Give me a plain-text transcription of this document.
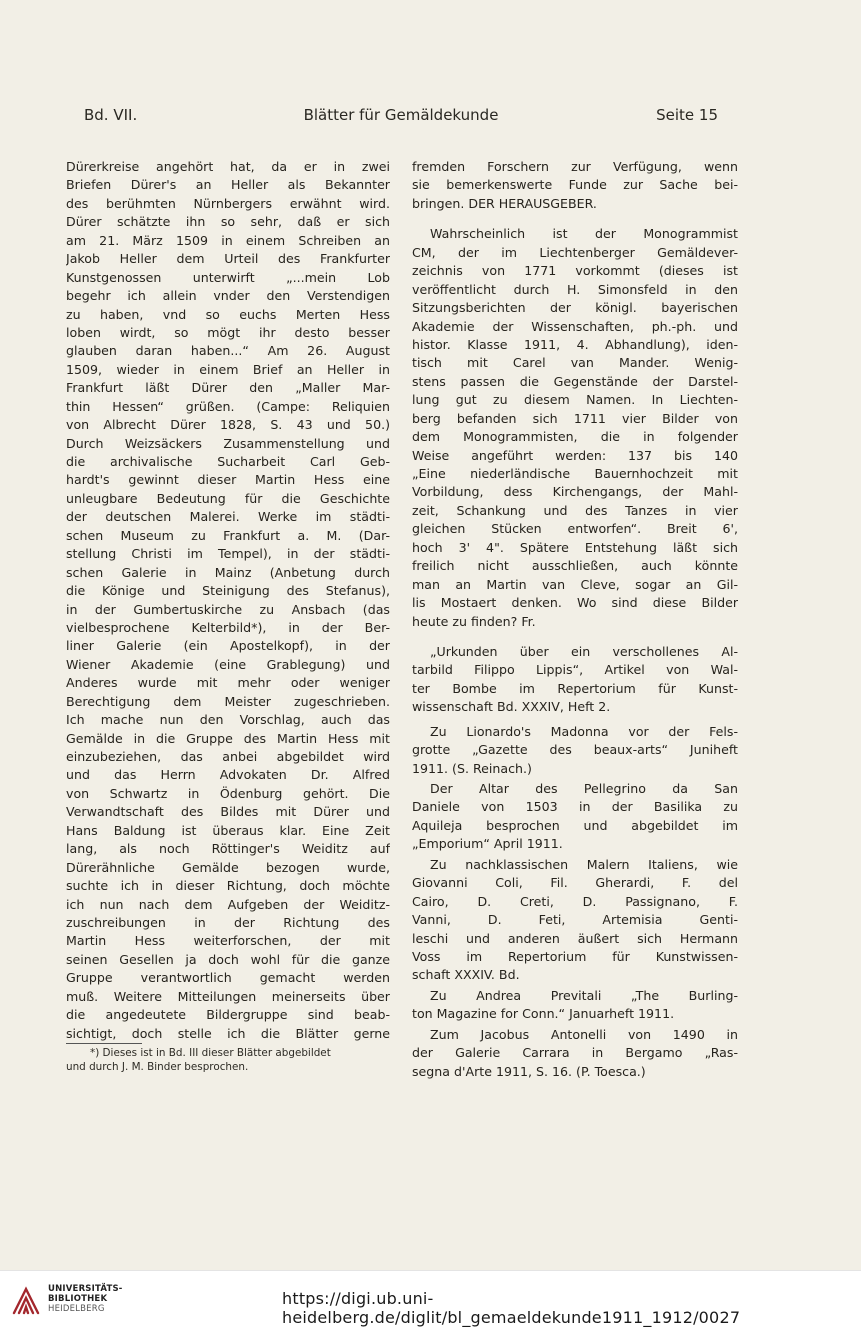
Bd. VII.	Blätter für Gemäldekunde	Seite 15
Dürerkreise angehört hat, da er in zwei
Briefen Dürer's an Heller als Bekannter
des berühmten Nürnbergers erwähnt wird.
Dürer schätzte ihn so sehr, daß er sich
am 21. März 1509 in einem Schreiben an
Jakob Heller dem Urteil des Frankfurter
Kunstgenossen unterwirft „...mein Lob
begehr ich allein vnder den Verstendigen
zu haben, vnd so euchs Merten Hess
loben wirdt, so mögt ihr desto besser
glauben daran haben...“ Am 26. August
1509, wieder in einem Brief an Heller in
Frankfurt läßt Dürer den „Maller Mar-
thin Hessen“ grüßen. (Campe: Reliquien
von Albrecht Dürer 1828, S. 43 und 50.)
Durch Weizsäckers Zusammenstellung und
die archivalische Sucharbeit Carl Geb-
hardt's gewinnt dieser Martin Hess eine
unleugbare Bedeutung für die Geschichte
der deutschen Malerei. Werke im städti-
schen Museum zu Frankfurt a. M. (Dar-
stellung Christi im Tempel), in der städti-
schen Galerie in Mainz (Anbetung durch
die Könige und Steinigung des Stefanus),
in der Gumbertuskirche zu Ansbach (das
vielbesprochene Kelterbild*), in der Ber-
liner Galerie (ein Apostelkopf), in der
Wiener Akademie (eine Grablegung) und
Anderes wurde mit mehr oder weniger
Berechtigung dem Meister zugeschrieben.
Ich mache nun den Vorschlag, auch das
Gemälde in die Gruppe des Martin Hess mit
einzubeziehen, das anbei abgebildet wird
und das Herrn Advokaten Dr. Alfred
von Schwartz in Ödenburg gehört. Die
Verwandtschaft des Bildes mit Dürer und
Hans Baldung ist überaus klar. Eine Zeit
lang, als noch Röttinger's Weiditz auf
Dürerähnliche Gemälde bezogen wurde,
suchte ich in dieser Richtung, doch möchte
ich nun nach dem Aufgeben der Weiditz-
zuschreibungen in der Richtung des
Martin Hess weiterforschen, der mit
seinen Gesellen ja doch wohl für die ganze
Gruppe verantwortlich gemacht werden
muß. Weitere Mitteilungen meinerseits über
die angedeutete Bildergruppe sind beab-
sichtigt, doch stelle ich die Blätter gerne
*) Dieses ist in Bd. III dieser Blätter abgebildet
und durch J. M. Binder besprochen.
fremden Forschern zur Verfügung, wenn
sie bemerkenswerte Funde zur Sache bei-
bringen. DER HERAUSGEBER.
Wahrscheinlich ist der Monogrammist
CM, der im Liechtenberger Gemäldever-
zeichnis von 1771 vorkommt (dieses ist
veröffentlicht durch H. Simonsfeld in den
Sitzungsberichten der königl. bayerischen
Akademie der Wissenschaften, ph.-ph. und
histor. Klasse 1911, 4. Abhandlung), iden-
tisch mit Carel van Mander. Wenig-
stens passen die Gegenstände der Darstel-
lung gut zu diesem Namen. In Liechten-
berg befanden sich 1711 vier Bilder von
dem Monogrammisten, die in folgender
Weise angeführt werden: 137 bis 140
„Eine niederländische Bauernhochzeit mit
Vorbildung, dess Kirchengangs, der Mahl-
zeit, Schankung und des Tanzes in vier
gleichen Stücken entworfen“. Breit 6',
hoch 3' 4". Spätere Entstehung läßt sich
freilich nicht ausschließen, auch könnte
man an Martin van Cleve, sogar an Gil-
lis Mostaert denken. Wo sind diese Bilder
heute zu finden? Fr.
„Urkunden über ein verschollenes Al-
tarbild Filippo Lippis“, Artikel von Wal-
ter Bombe im Repertorium für Kunst-
wissenschaft Bd. XXXIV, Heft 2.
Zu Lionardo's Madonna vor der Fels-
grotte „Gazette des beaux-arts“ Juniheft
1911. (S. Reinach.)
Der Altar des Pellegrino da San
Daniele von 1503 in der Basilika zu
Aquileja besprochen und abgebildet im
„Emporium“ April 1911.
Zu nachklassischen Malern Italiens, wie
Giovanni Coli, Fil. Gherardi, F. del
Cairo, D. Creti, D. Passignano, F.
Vanni, D. Feti, Artemisia Genti-
leschi und anderen äußert sich Hermann
Voss im Repertorium für Kunstwissen-
schaft XXXIV. Bd.
Zu Andrea Previtali „The Burling-
ton Magazine for Conn.“ Januarheft 1911.
Zum Jacobus Antonelli von 1490 in
der Galerie Carrara in Bergamo „Ras-
segna d'Arte 1911, S. 16. (P. Toesca.)
UNIVERSITÄTS-
BIBLIOTHEK
HEIDELBERG
https://digi.ub.uni-heidelberg.de/diglit/bl_gemaeldekunde1911_1912/0027
